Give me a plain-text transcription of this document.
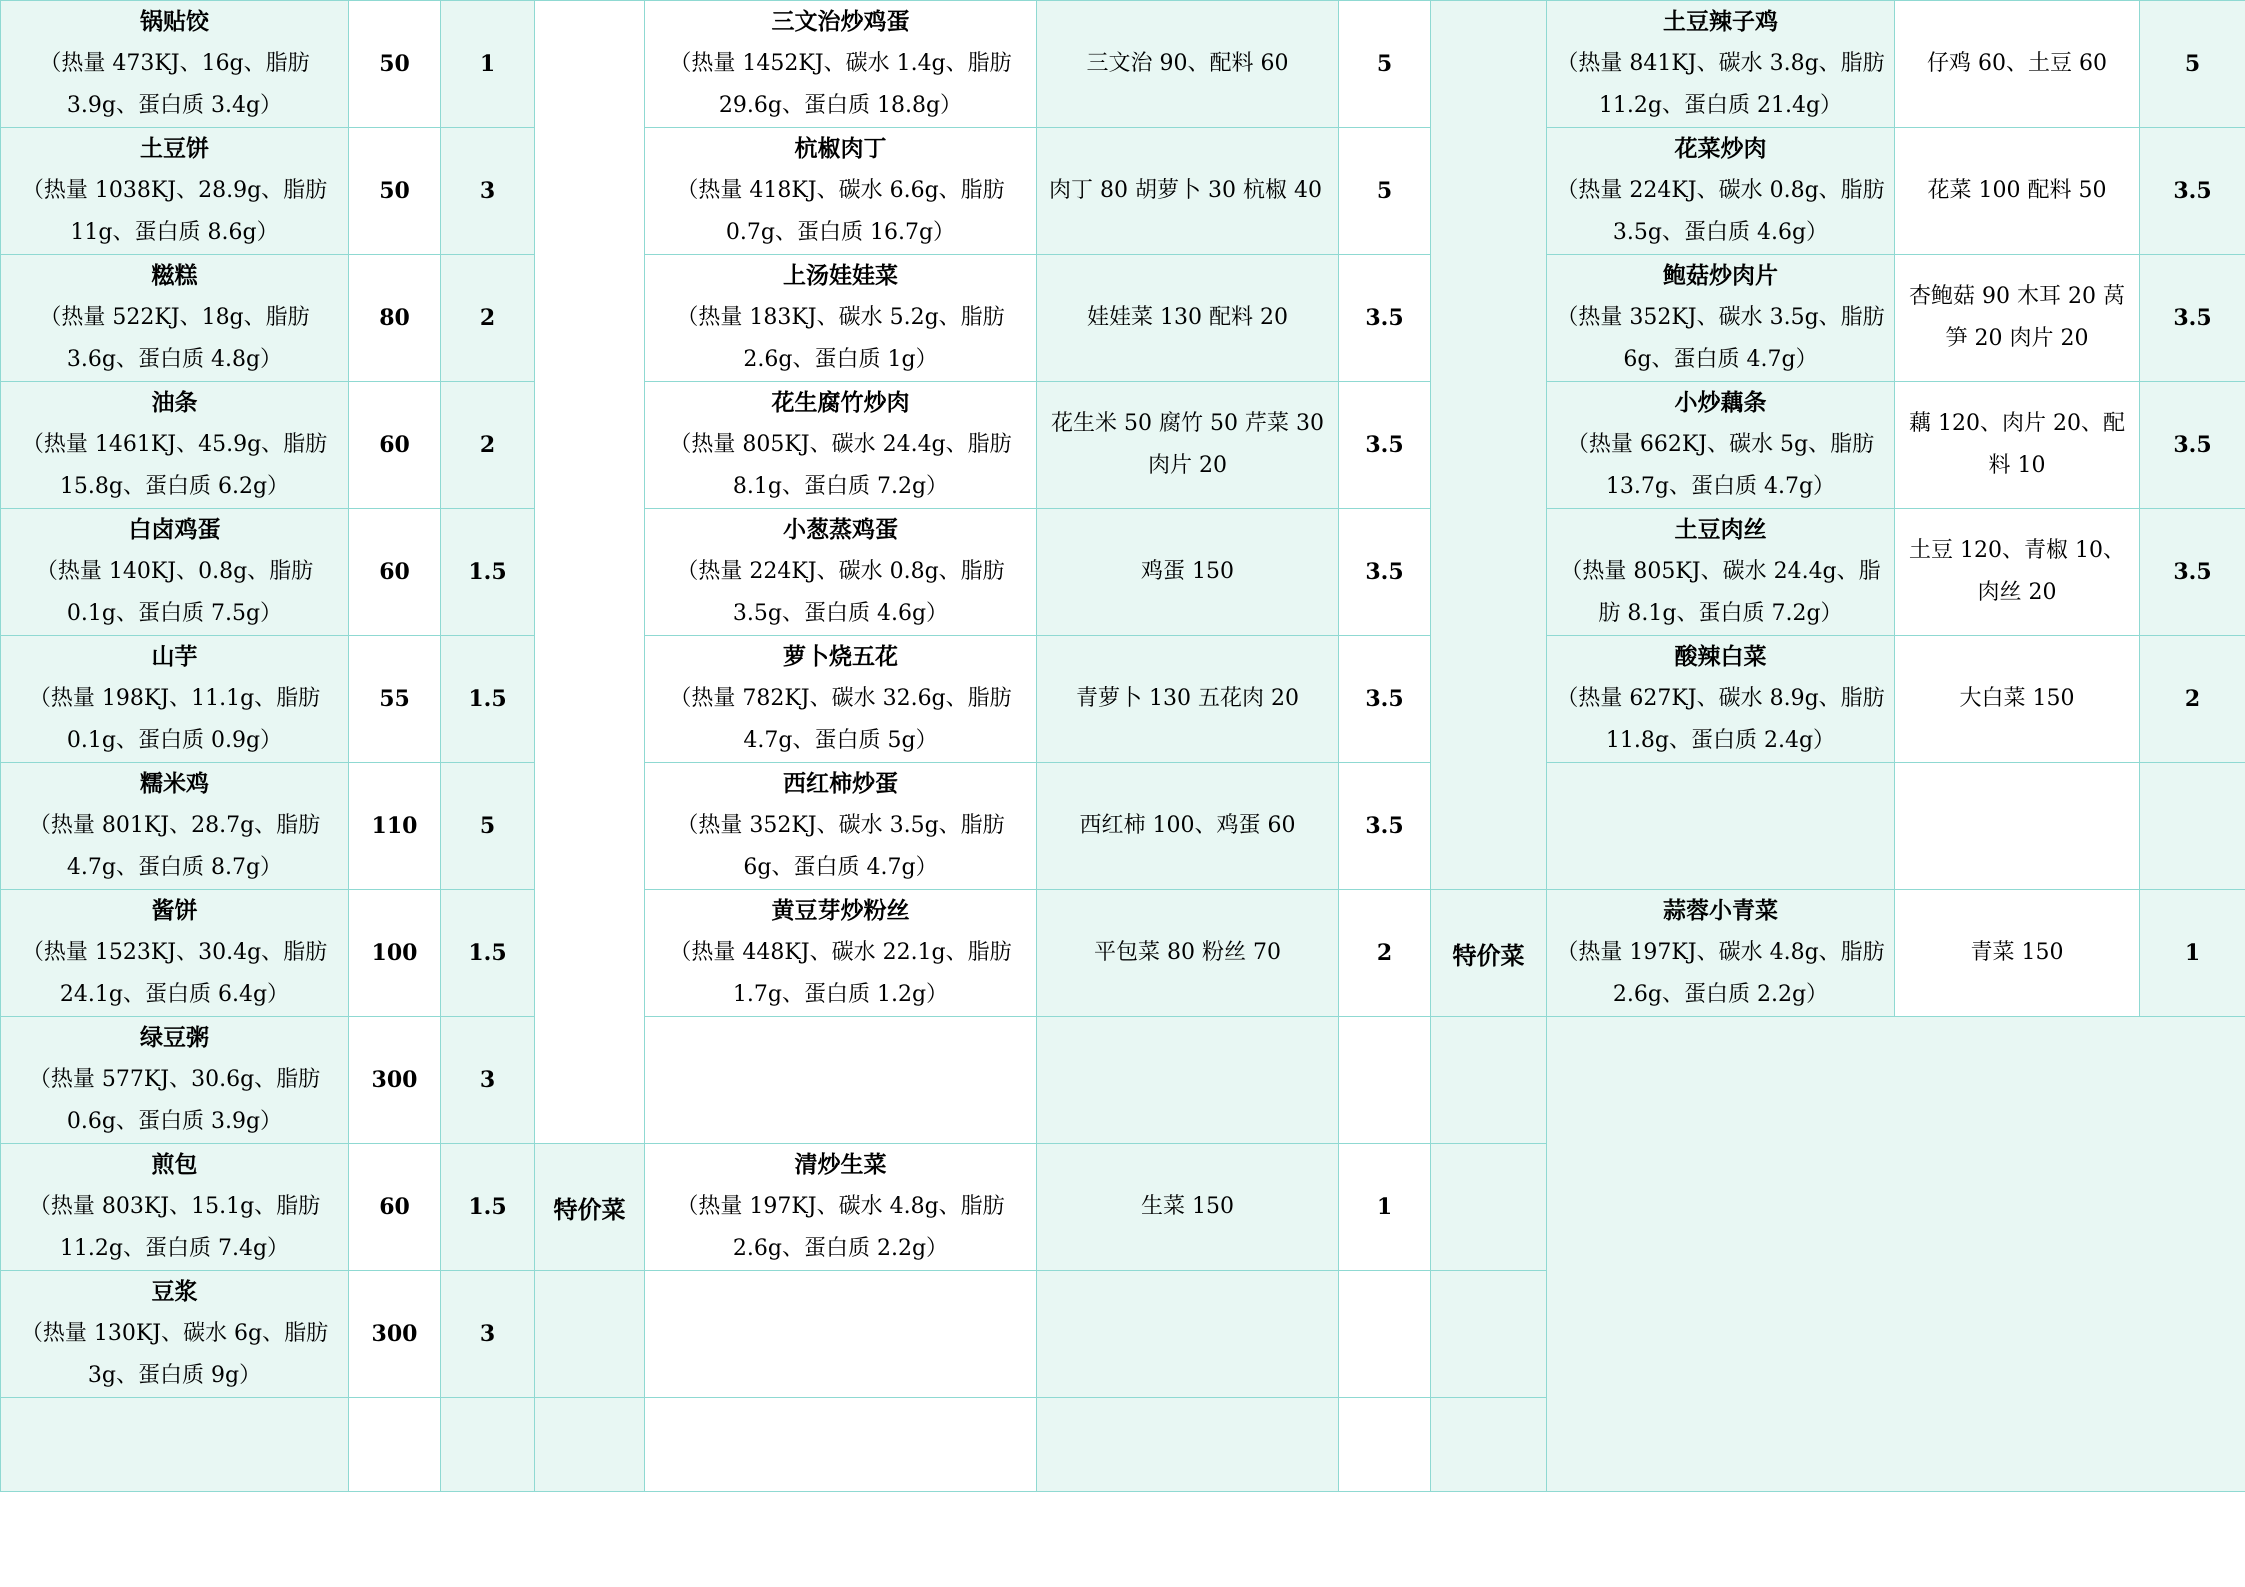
锅贴饺
（热量 473KJ、16g、脂肪 3.9g、蛋白质 3.4g）	50	1		三文治炒鸡蛋
（热量 1452KJ、碳水 1.4g、脂肪 29.6g、蛋白质 18.8g）	三文治 90、配料 60	5		土豆辣子鸡
（热量 841KJ、碳水 3.8g、脂肪 11.2g、蛋白质 21.4g）	仔鸡 60、土豆 60	5

土豆饼
（热量 1038KJ、28.9g、脂肪 11g、蛋白质 8.6g）	50	3		杭椒肉丁
（热量 418KJ、碳水 6.6g、脂肪 0.7g、蛋白质 16.7g）	肉丁 80 胡萝卜 30 杭椒 40	5		花菜炒肉
（热量 224KJ、碳水 0.8g、脂肪 3.5g、蛋白质 4.6g）	花菜 100 配料 50	3.5

糍糕
（热量 522KJ、18g、脂肪 3.6g、蛋白质 4.8g）	80	2		上汤娃娃菜
（热量 183KJ、碳水 5.2g、脂肪 2.6g、蛋白质 1g）	娃娃菜 130 配料 20	3.5		鲍菇炒肉片
（热量 352KJ、碳水 3.5g、脂肪 6g、蛋白质 4.7g）	杏鲍菇 90 木耳 20 莴笋 20 肉片 20	3.5

油条
（热量 1461KJ、45.9g、脂肪 15.8g、蛋白质 6.2g）	60	2		花生腐竹炒肉
（热量 805KJ、碳水 24.4g、脂肪 8.1g、蛋白质 7.2g）	花生米 50 腐竹 50 芹菜 30 肉片 20	3.5		小炒藕条
（热量 662KJ、碳水 5g、脂肪 13.7g、蛋白质 4.7g）	藕 120、肉片 20、配料 10	3.5

白卤鸡蛋
（热量 140KJ、0.8g、脂肪 0.1g、蛋白质 7.5g）	60	1.5		小葱蒸鸡蛋
（热量 224KJ、碳水 0.8g、脂肪 3.5g、蛋白质 4.6g）	鸡蛋 150	3.5		土豆肉丝
（热量 805KJ、碳水 24.4g、脂肪 8.1g、蛋白质 7.2g）	土豆 120、青椒 10、肉丝 20	3.5

山芋
（热量 198KJ、11.1g、脂肪 0.1g、蛋白质 0.9g）	55	1.5		萝卜烧五花
（热量 782KJ、碳水 32.6g、脂肪 4.7g、蛋白质 5g）	青萝卜 130 五花肉 20	3.5		酸辣白菜
（热量 627KJ、碳水 8.9g、脂肪 11.8g、蛋白质 2.4g）	大白菜 150	2

糯米鸡
（热量 801KJ、28.7g、脂肪 4.7g、蛋白质 8.7g）	110	5		西红柿炒蛋
（热量 352KJ、碳水 3.5g、脂肪 6g、蛋白质 4.7g）	西红柿 100、鸡蛋 60	3.5				

酱饼
（热量 1523KJ、30.4g、脂肪 24.1g、蛋白质 6.4g）	100	1.5		黄豆芽炒粉丝
（热量 448KJ、碳水 22.1g、脂肪 1.7g、蛋白质 1.2g）	平包菜 80 粉丝 70	2	特价菜	蒜蓉小青菜
（热量 197KJ、碳水 4.8g、脂肪 2.6g、蛋白质 2.2g）	青菜 150	1

绿豆粥
（热量 577KJ、30.6g、脂肪 0.6g、蛋白质 3.9g）	300	3								

煎包
（热量 803KJ、15.1g、脂肪 11.2g、蛋白质 7.4g）	60	1.5	特价菜	清炒生菜
（热量 197KJ、碳水 4.8g、脂肪 2.6g、蛋白质 2.2g）	生菜 150	1				

豆浆
（热量 130KJ、碳水 6g、脂肪 3g、蛋白质 9g）	300	3								
